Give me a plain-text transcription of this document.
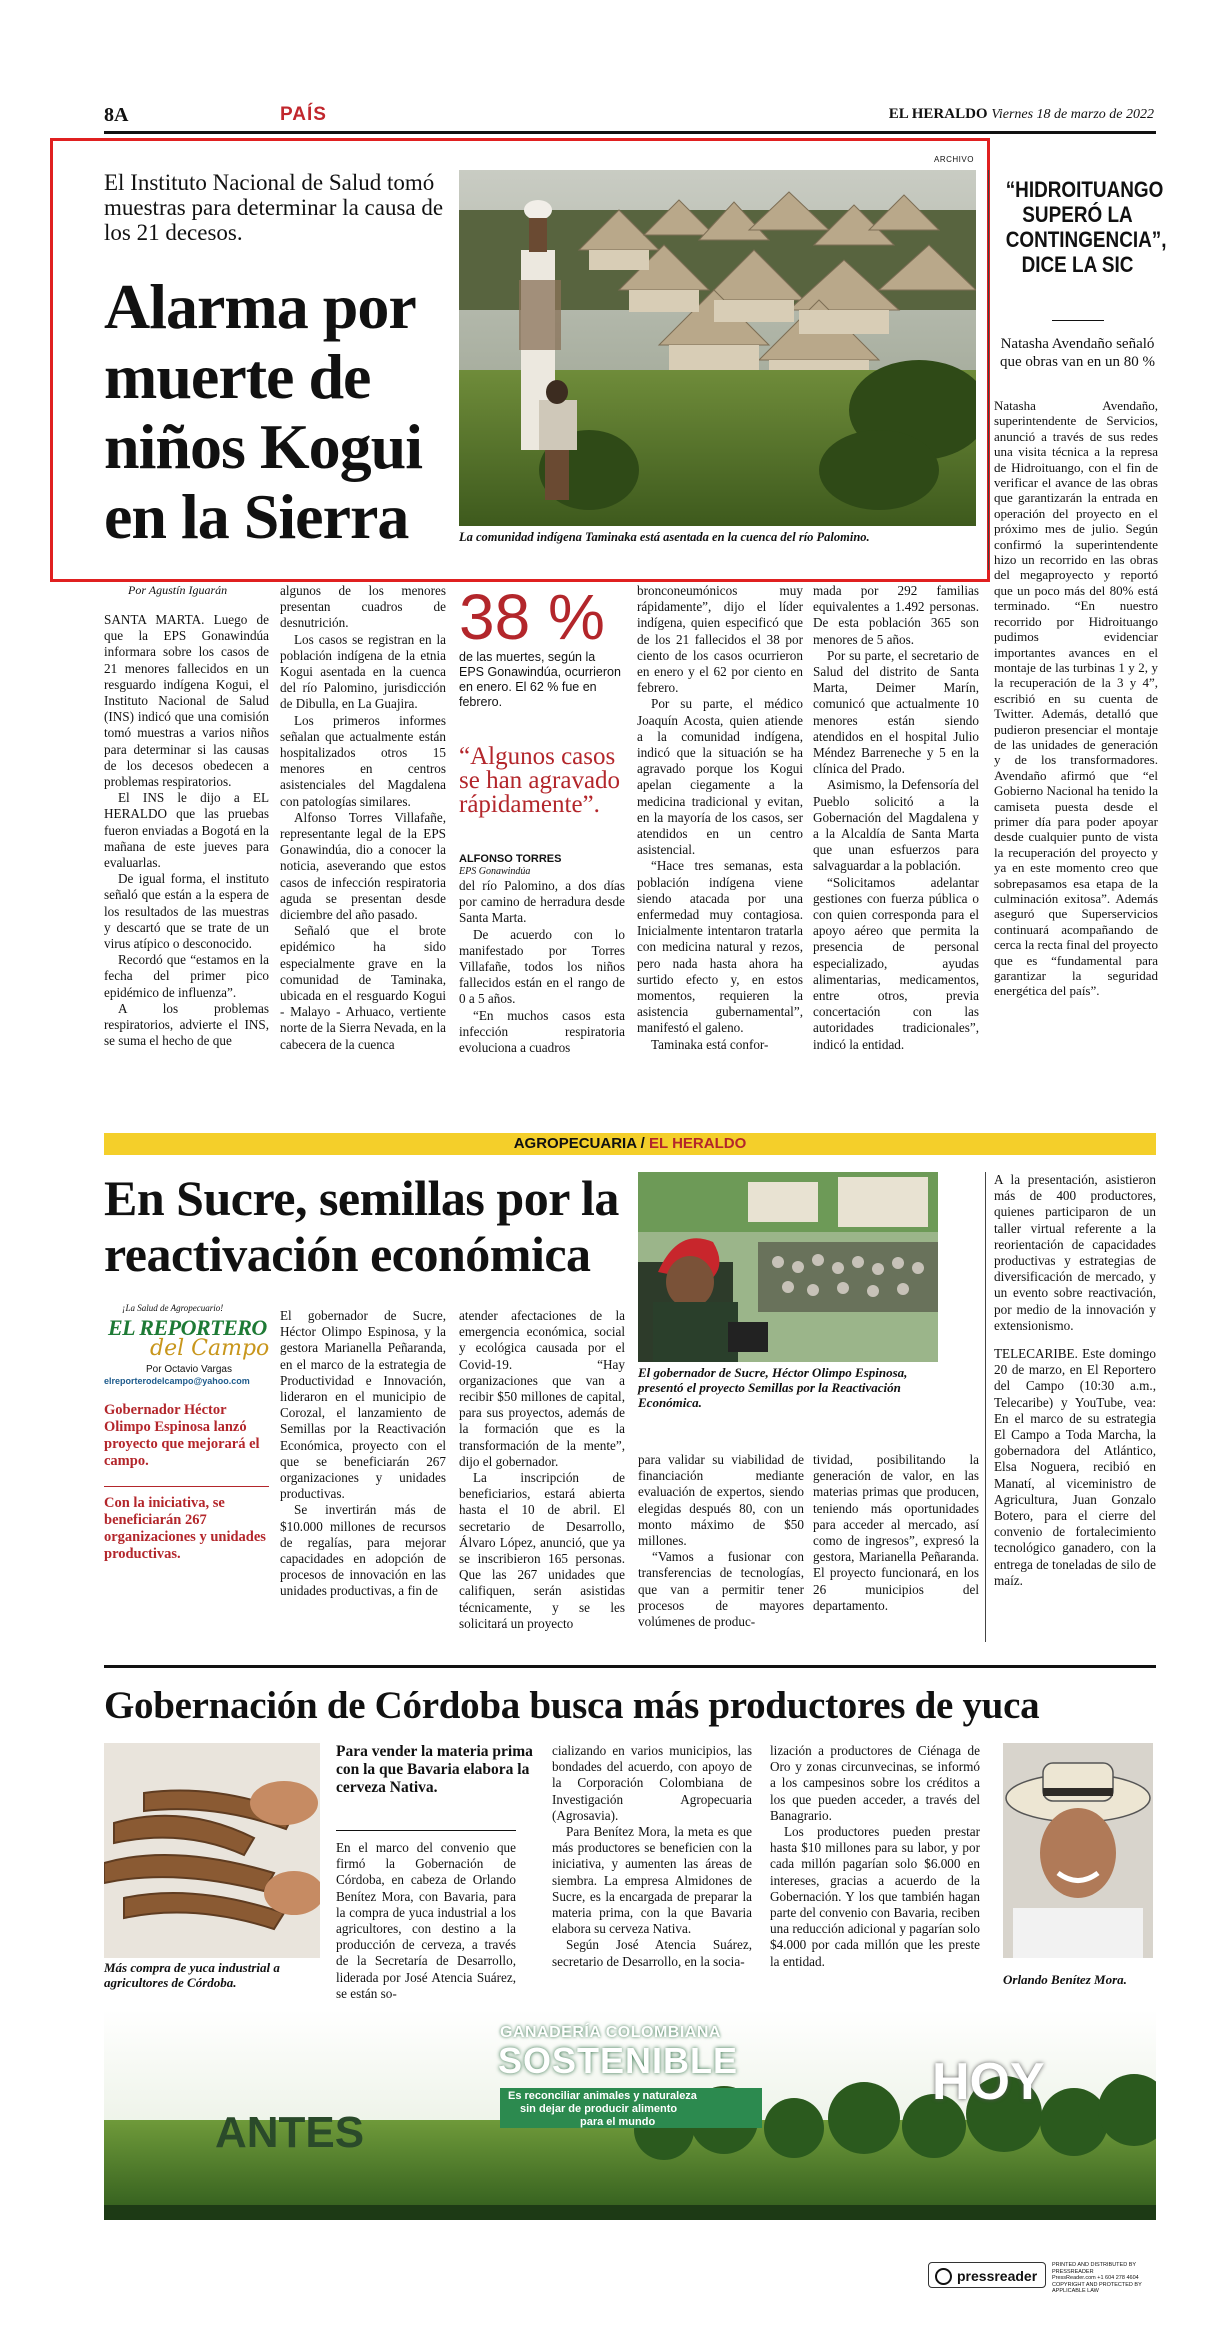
8A	PAÍS	EL HERALDO Viernes 18 de marzo de 2022
ARCHIVO
El Instituto Nacional de Salud tomó muestras para determinar la causa de los 21 decesos.
Alarma por muerte de niños Kogui en la Sierra	La comunidad indígena Taminaka está asentada en la cuenca del río Palomino.
Por Agustín Iguarán

SANTA MARTA. Luego de que la EPS Gonawindúa informara sobre los casos de 21 menores fallecidos en un resguardo indígena Kogui, el Instituto Nacional de Salud (INS) indicó que una comisión tomó muestras a varios niños para determinar si las causas de los decesos obedecen a problemas respiratorios.

El INS le dijo a EL HERALDO que las pruebas fueron enviadas a Bogotá en la mañana de este jueves para evaluarlas.

De igual forma, el instituto señaló que están a la espera de los resultados de las muestras y descartó que se trate de un virus atípico o desconocido.

Recordó que “estamos en la fecha del primer pico epidémico de influenza”.

A los problemas respiratorios, advierte el INS, se suma el hecho de que

algunos de los menores presentan cuadros de desnutrición.

Los casos se registran en la población indígena de la etnia Kogui asentada en la cuenca del río Palomino, jurisdicción de Dibulla, en La Guajira.

Los primeros informes señalan que actualmente están hospitalizados otros 15 menores en centros asistenciales del Magdalena con patologías similares.

Alfonso Torres Villafañe, representante legal de la EPS Gonawindúa, dio a conocer la noticia, aseverando que estos casos de infección respiratoria aguda se presentan desde diciembre del año pasado.

Señaló que el brote epidémico ha sido especialmente grave en la comunidad de Taminaka, ubicada en el resguardo Kogui - Malayo - Arhuaco, vertiente norte de la Sierra Nevada, en la cabecera de la cuenca

38 %
de las muertes, según la EPS Gonawindúa, ocurrieron en enero. El 62 % fue en febrero.
“Algunos casos se han agravado rápidamente”.
ALFONSO TORRES
EPS Gonawindúa

del río Palomino, a dos días por camino de herradura desde Santa Marta.

De acuerdo con lo manifestado por Torres Villafañe, todos los niños fallecidos están en el rango de 0 a 5 años.

“En muchos casos esta infección respiratoria evoluciona a cuadros

bronconeumónicos muy rápidamente”, dijo el líder indígena, quien especificó que de los 21 fallecidos el 38 por ciento de los casos ocurrieron en enero y el 62 por ciento en febrero.

Por su parte, el médico Joaquín Acosta, quien atiende a la comunidad indígena, indicó que la situación se ha agravado porque los Kogui apelan ciegamente a la medicina tradicional y evitan, en la mayoría de los casos, ser atendidos en un centro asistencial.

“Hace tres semanas, esta población indígena viene siendo atacada por una enfermedad muy contagiosa. Inicialmente intentaron tratarla con medicina natural y rezos, pero nada hasta ahora ha surtido efecto y, en estos momentos, requieren la asistencia gubernamental”, manifestó el galeno.

Taminaka está confor-

mada por 292 familias equivalentes a 1.492 personas. De esta población 365 son menores de 5 años.

Por su parte, el secretario de Salud del distrito de Santa Marta, Deimer Marín, comunicó que actualmente 10 menores están siendo atendidos en el hospital Julio Méndez Barreneche y 5 en la clínica del Prado.

Asimismo, la Defensoría del Pueblo solicitó a la Gobernación del Magdalena y a la Alcaldía de Santa Marta que unan esfuerzos para salvaguardar a la población.

“Solicitamos adelantar gestiones con fuerza pública o con quien corresponda para el apoyo aéreo que permita la presencia de personal especializado, ayudas alimentarias, medicamentos, entre otros, previa concertación con las autoridades tradicionales”, indicó la entidad.

“HIDROITUANGO SUPERÓ LA CONTINGENCIA”, DICE LA SIC
Natasha Avendaño señaló que obras van en un 80 %

Natasha Avendaño, superintendente de Servicios, anunció a través de sus redes una visita técnica a la represa de Hidroituango, con el fin de verificar el avance de las obras que garantizarán la entrada en operación del proyecto en el próximo mes de julio. Según confirmó la superintendente hizo un recorrido en las obras del megaproyecto y reportó que un poco más del 80% está terminado. “En nuestro recorrido por Hidroituango pudimos evidenciar importantes avances en el montaje de las turbinas 1 y 2, y la recuperación de la 3 y 4”, escribió en su cuenta de Twitter. Además, detalló que pudieron presenciar el montaje de las unidades de generación y de los transformadores. Avendaño afirmó que “el Gobierno Nacional ha tenido la camiseta puesta desde el primer día para poder apoyar desde cualquier punto de vista la recuperación del proyecto y ya en este momento creo que sobrepasamos esa etapa de la culminación exitosa”. Además aseguró que Superservicios continuará acompañando de cerca la recta final del proyecto que es “fundamental para garantizar la seguridad energética del país”.

AGROPECUARIA / EL HERALDO
En Sucre, semillas por la reactivación económica
El gobernador de Sucre, Héctor Olimpo Espinosa, presentó el proyecto Semillas por la Reactivación Económica.
¡La Salud de Agropecuario!
EL REPORTERO
del Campo
Por Octavio Vargas
elreporterodelcampo@yahoo.com
Gobernador Héctor Olimpo Espinosa lanzó proyecto que mejorará el campo.
Con la iniciativa, se beneficiarán 267 organizaciones y unidades productivas.

El gobernador de Sucre, Héctor Olimpo Espinosa, y la gestora Marianella Peñaranda, en el marco de la estrategia de Productividad e Innovación, lideraron en el municipio de Corozal, el lanzamiento de Semillas por la Reactivación Económica, proyecto con el que se beneficiarán 267 organizaciones y unidades productivas.

Se invertirán más de $10.000 millones de recursos de regalías, para mejorar capacidades en adopción de procesos de innovación en las unidades productivas, a fin de

atender afectaciones de la emergencia económica, social y ecológica causada por el Covid-19. “Hay organizaciones que van a recibir $50 millones de capital, para sus proyectos, además de la formación que es la transformación de la mente”, dijo el gobernador.

La inscripción de beneficiarios, estará abierta hasta el 10 de abril. El secretario de Desarrollo, Álvaro López, anunció, que ya se inscribieron 165 personas. Que las 267 unidades que califiquen, serán asistidas técnicamente, y se les solicitará un proyecto

para validar su viabilidad de financiación mediante evaluación de expertos, siendo elegidas después 80, con un monto máximo de $50 millones.

“Vamos a fusionar con transferencias de tecnologías, que van a permitir tener procesos de mayores volúmenes de produc-

tividad, posibilitando la generación de valor, en las materias primas que producen, teniendo más oportunidades para acceder al mercado, así como de ingresos”, expresó la gestora, Marianella Peñaranda. El proyecto funcionará, en los 26 municipios del departamento.

A la presentación, asistieron más de 400 productores, quienes participaron de un taller virtual referente a la reorientación de capacidades productivas y estrategias de diversificación de mercado, y un evento sobre reactivación, por medio de la innovación y extensionismo.

TELECARIBE. Este domingo 20 de marzo, en El Reportero del Campo (10:30 a.m., Telecaribe) y YouTube, vea: En el marco de su estrategia El Campo a Toda Marcha, la gobernadora del Atlántico, Elsa Noguera, recibió en Manatí, al viceministro de Agricultura, Juan Gonzalo Botero, para el cierre del convenio de fortalecimiento tecnológico ganadero, con la entrega de toneladas de silo de maíz.

Gobernación de Córdoba busca más productores de yuca
Más compra de yuca industrial a agricultores de Córdoba.
Para vender la materia prima con la que Bavaria elabora la cerveza Nativa.

En el marco del convenio que firmó la Gobernación de Córdoba, en cabeza de Orlando Benítez Mora, con Bavaria, para la compra de yuca industrial a los agricultores, con destino a la producción de cerveza, a través de la Secretaría de Desarrollo, liderada por José Atencia Suárez, se están so-

cializando en varios municipios, las bondades del acuerdo, con apoyo de la Corporación Colombiana de Investigación Agropecuaria (Agrosavia).

Para Benítez Mora, la meta es que más productores se beneficien con la iniciativa, y aumenten las áreas de siembra. La empresa Almidones de Sucre, es la encargada de preparar la materia prima, con la que Bavaria elabora su cerveza Nativa.

Según José Atencia Suárez, secretario de Desarrollo, en la socia-

lización a productores de Ciénaga de Oro y zonas circunvecinas, se informó a los campesinos sobre los créditos a los que pueden acceder, a través del Banagrario.

Los productores pueden prestar hasta $10 millones para su labor, y por cada millón pagarían solo $6.000 en intereses, gracias a acuerdo de la Gobernación. Y los que también hagan parte del convenio con Bavaria, reciben una reducción adicional y pagarían solo $4.000 por cada millón que les preste la entidad.

Orlando Benítez Mora.
GANADERÍA COLOMBIANA
SOSTENIBLE
Es reconciliar animales y naturaleza
sin dejar de producir alimento
para el mundo
ANTES
HOY
pressreader
PRINTED AND DISTRIBUTED BY PRESSREADER
PressReader.com +1 604 278 4604
COPYRIGHT AND PROTECTED BY APPLICABLE LAW
